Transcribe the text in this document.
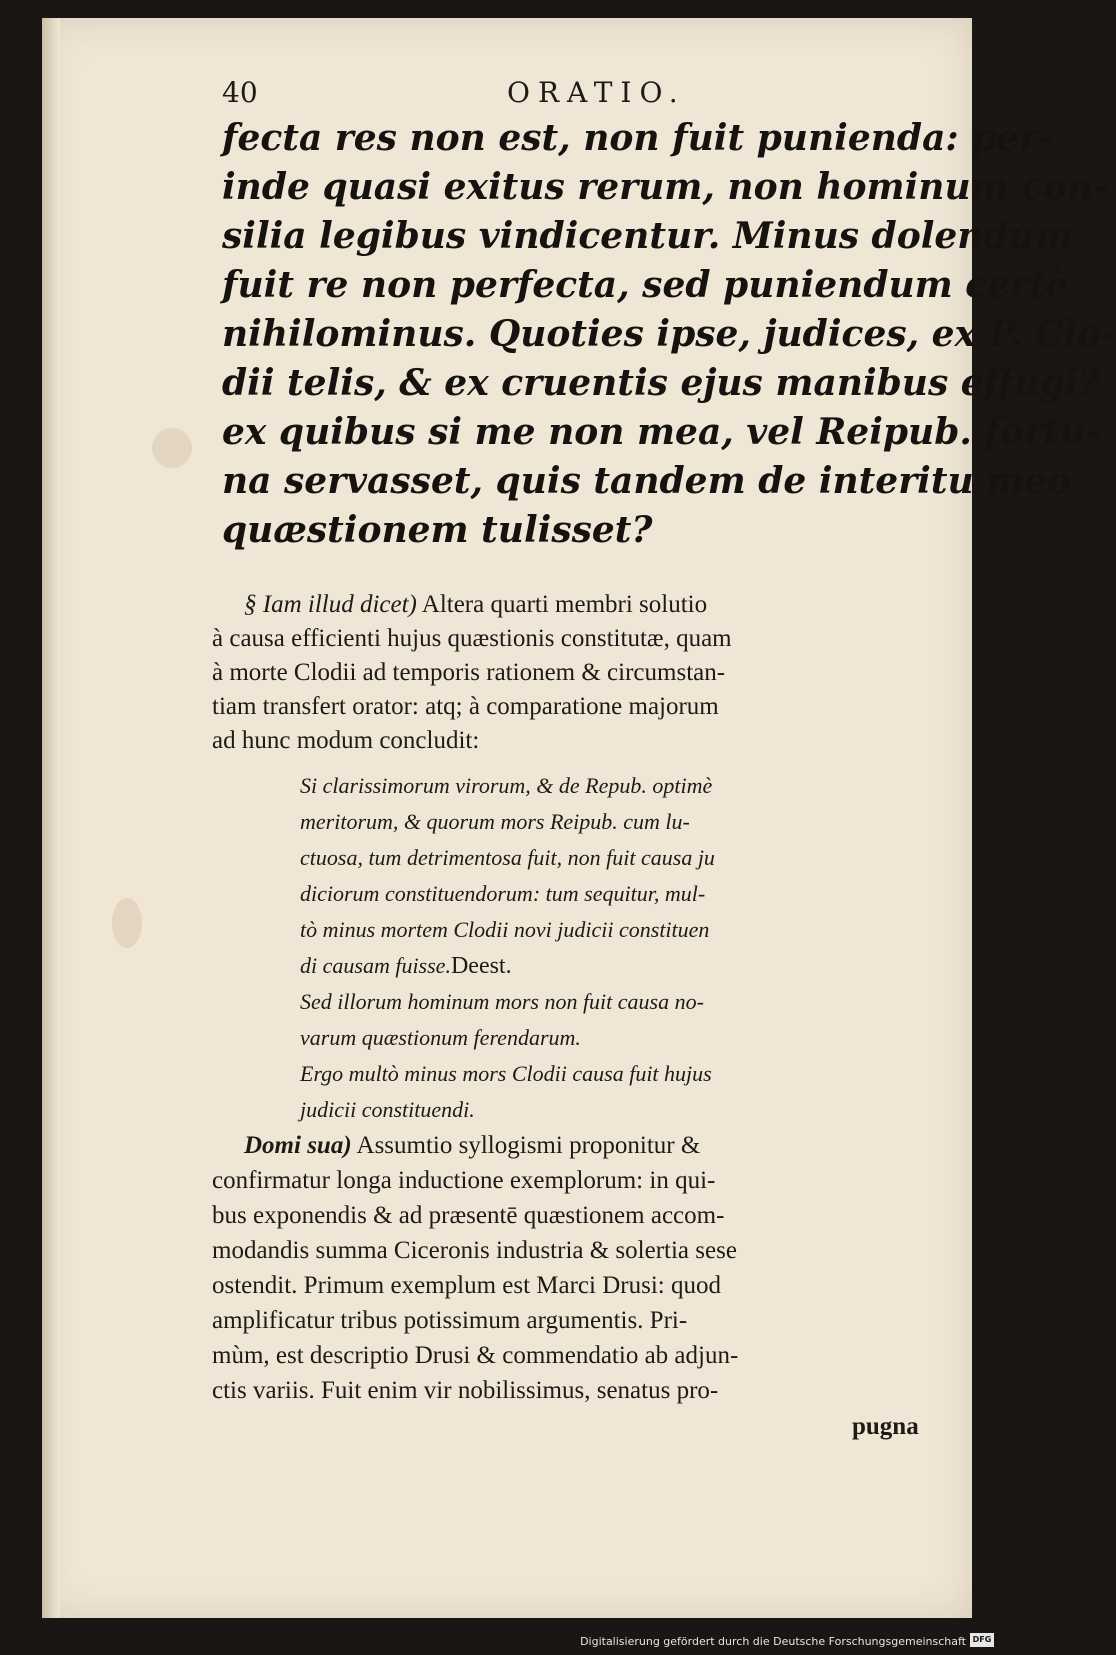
40	ORATIO.
fecta res non est, non fuit punienda: per-
inde quasi exitus rerum, non hominum con-
silia legibus vindicentur. Minus dolendum
fuit re non perfecta, sed puniendum certè
nihilominus. Quoties ipse, judices, ex P. Clo-
dii telis, & ex cruentis ejus manibus effugi?
ex quibus si me non mea, vel Reipub. fortu-
na servasset, quis tandem de interitu meo
quæstionem tulisset?
§ Iam illud dicet) Altera quarti membri solutio
à causa efficienti hujus quæstionis constitutæ, quam
à morte Clodii ad temporis rationem & circumstan-
tiam transfert orator: atq; à comparatione majorum
ad hunc modum concludit:
Si clarissimorum virorum, & de Repub. optimè
meritorum, & quorum mors Reipub. cum lu-
ctuosa, tum detrimentosa fuit, non fuit causa ju
diciorum constituendorum: tum sequitur, mul-
tò minus mortem Clodii novi judicii constituen
di causam fuisse.Deest.
Sed illorum hominum mors non fuit causa no-
varum quæstionum ferendarum.
Ergo multò minus mors Clodii causa fuit hujus
judicii constituendi.
Domi sua) Assumtio syllogismi proponitur &
confirmatur longa inductione exemplorum: in qui-
bus exponendis & ad præsentē quæstionem accom-
modandis summa Ciceronis industria & solertia sese
ostendit. Primum exemplum est Marci Drusi: quod
amplificatur tribus potissimum argumentis. Pri-
mùm, est descriptio Drusi & commendatio ab adjun-
ctis variis. Fuit enim vir nobilissimus, senatus pro-
pugna
Digitalisierung gefördert durch die Deutsche Forschungsgemeinschaft DFG
